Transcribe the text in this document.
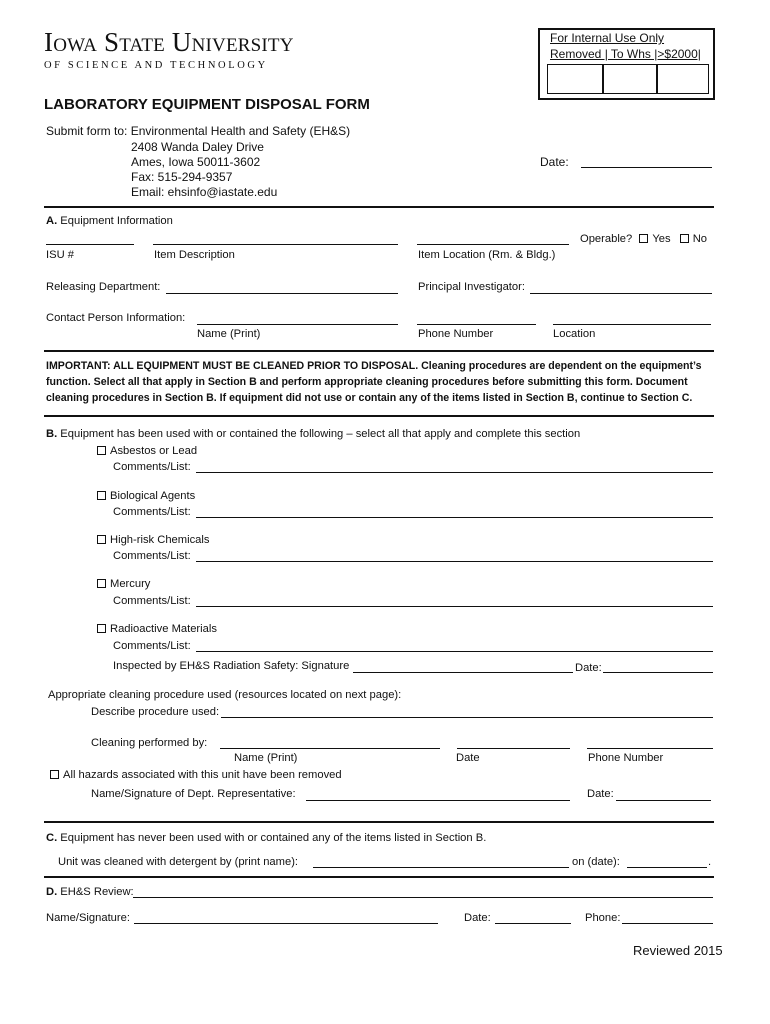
Iowa State University
OF SCIENCE AND TECHNOLOGY
For Internal Use Only
Removed | To Whs |>$2000|
LABORATORY EQUIPMENT DISPOSAL FORM
Submit form to: Environmental Health and Safety (EH&S)
2408 Wanda Daley Drive
Ames, Iowa 50011-3602
Fax: 515-294-9357
Email: ehsinfo@iastate.edu
Date:
A. Equipment Information
Operable? Yes No
ISU #	Item Description	Item Location (Rm. & Bldg.)
Releasing Department:	Principal Investigator:
Contact Person Information:
Name (Print)	Phone Number	Location
IMPORTANT: ALL EQUIPMENT MUST BE CLEANED PRIOR TO DISPOSAL. Cleaning procedures are dependent on the equipment’s
function. Select all that apply in Section B and perform appropriate cleaning procedures before submitting this form. Document
cleaning procedures in Section B. If equipment did not use or contain any of the items listed in Section B, continue to Section C.
B. Equipment has been used with or contained the following – select all that apply and complete this section
Asbestos or Lead
Comments/List:
Biological Agents
Comments/List:
High-risk Chemicals
Comments/List:
Mercury
Comments/List:
Radioactive Materials
Comments/List:
Inspected by EH&S Radiation Safety: Signature	Date:
Appropriate cleaning procedure used (resources located on next page):
Describe procedure used:
Cleaning performed by:
Name (Print)	Date	Phone Number
All hazards associated with this unit have been removed
Name/Signature of Dept. Representative:	Date:
C. Equipment has never been used with or contained any of the items listed in Section B.
Unit was cleaned with detergent by (print name):	on (date):	.
D. EH&S Review:
Name/Signature:	Date:	Phone:
Reviewed 2015
